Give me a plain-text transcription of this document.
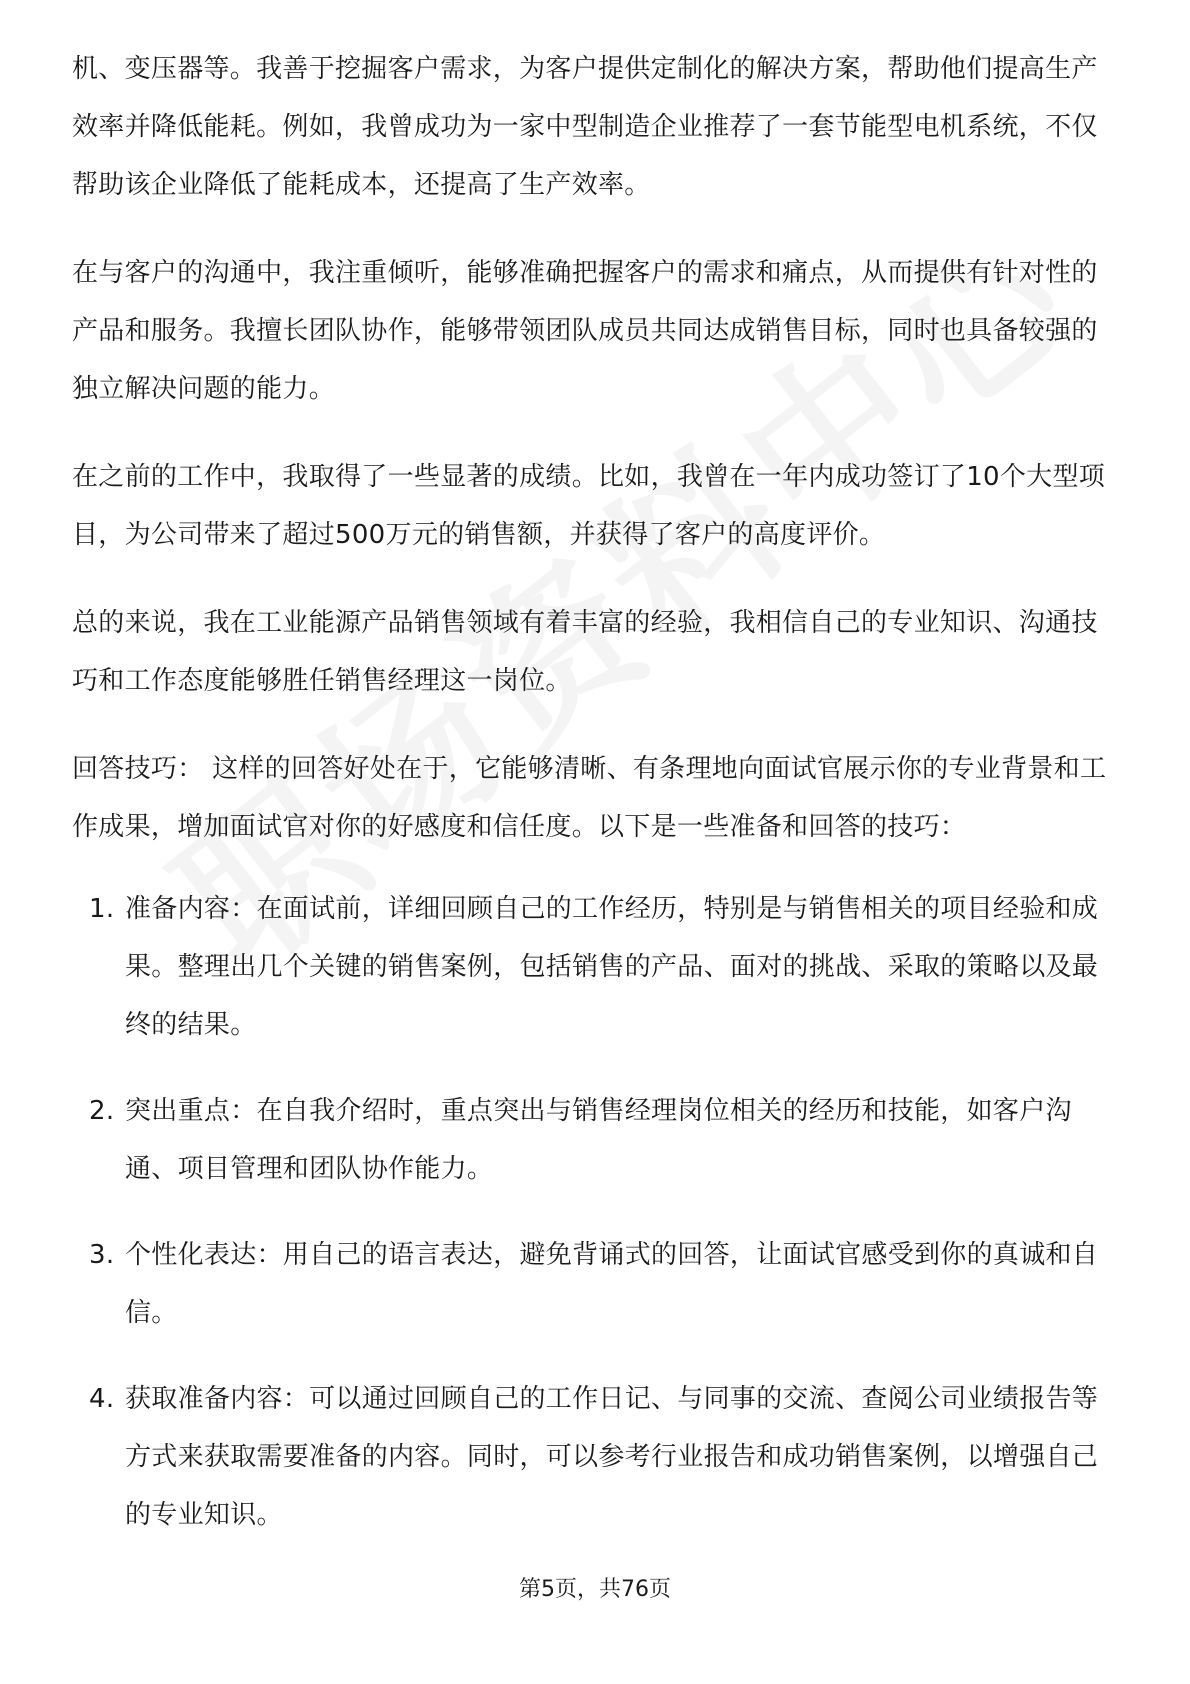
机、变压器等。我善于挖掘客户需求，为客户提供定制化的解决方案，帮助他们提高生产效率并降低能耗。例如，我曾成功为一家中型制造企业推荐了一套节能型电机系统，不仅帮助该企业降低了能耗成本，还提高了生产效率。

在与客户的沟通中，我注重倾听，能够准确把握客户的需求和痛点，从而提供有针对性的产品和服务。我擅长团队协作，能够带领团队成员共同达成销售目标，同时也具备较强的独立解决问题的能力。

在之前的工作中，我取得了一些显著的成绩。比如，我曾在一年内成功签订了10个大型项目，为公司带来了超过500万元的销售额，并获得了客户的高度评价。

总的来说，我在工业能源产品销售领域有着丰富的经验，我相信自己的专业知识、沟通技巧和工作态度能够胜任销售经理这一岗位。

回答技巧： 这样的回答好处在于，它能够清晰、有条理地向面试官展示你的专业背景和工作成果，增加面试官对你的好感度和信任度。以下是一些准备和回答的技巧：

1. 准备内容：在面试前，详细回顾自己的工作经历，特别是与销售相关的项目经验和成果。整理出几个关键的销售案例，包括销售的产品、面对的挑战、采取的策略以及最终的结果。
2. 突出重点：在自我介绍时，重点突出与销售经理岗位相关的经历和技能，如客户沟通、项目管理和团队协作能力。
3. 个性化表达：用自己的语言表达，避免背诵式的回答，让面试官感受到你的真诚和自信。
4. 获取准备内容：可以通过回顾自己的工作日记、与同事的交流、查阅公司业绩报告等方式来获取需要准备的内容。同时，可以参考行业报告和成功销售案例，以增强自己的专业知识。
第5页，共76页
